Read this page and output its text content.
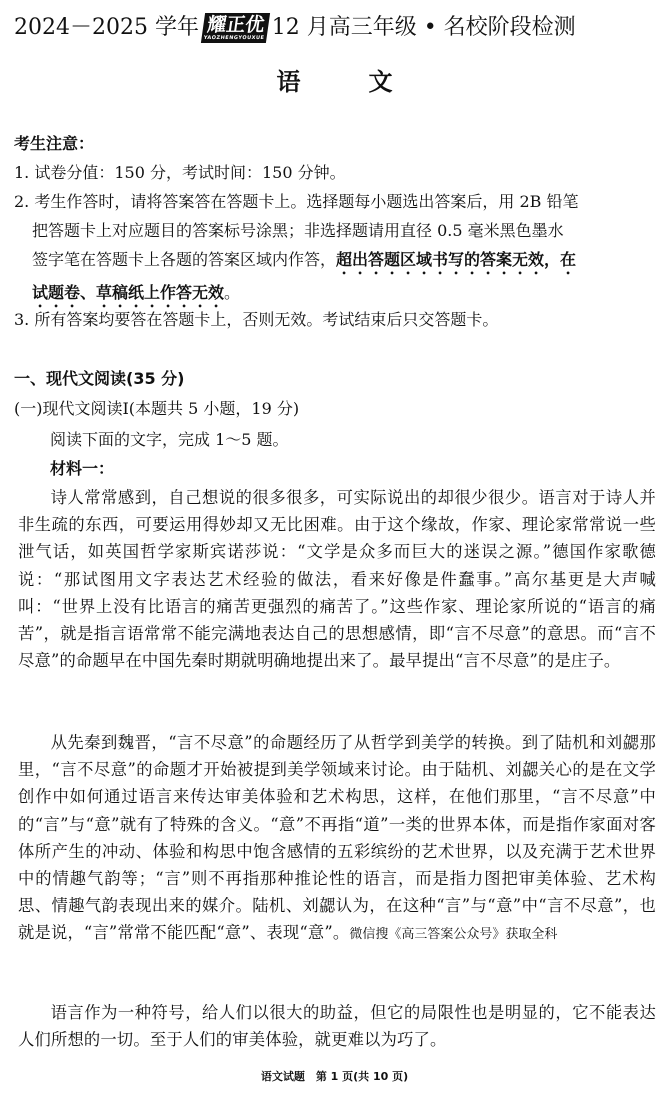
2024－2025 学年 耀正优
YAOZHENGYOUXUE 12 月高三年级 • 名校阶段检测
语文
考生注意：
1. 试卷分值：150 分，考试时间：150 分钟。
2. 考生作答时，请将答案答在答题卡上。选择题每小题选出答案后，用 2B 铅笔
把答题卡上对应题目的答案标号涂黑；非选择题请用直径 0.5 毫米黑色墨水
签字笔在答题卡上各题的答案区域内作答，超出答题区域书写的答案无效，在
试题卷、草稿纸上作答无效。
3. 所有答案均要答在答题卡上，否则无效。考试结束后只交答题卡。
一、现代文阅读(35 分)
(一)现代文阅读Ⅰ(本题共 5 小题，19 分)
阅读下面的文字，完成 1～5 题。
材料一：
诗人常常感到，自己想说的很多很多，可实际说出的却很少很少。语言对于诗人并非生疏的东西，可要运用得妙却又无比困难。由于这个缘故，作家、理论家常常说一些泄气话，如英国哲学家斯宾诺莎说：“文学是众多而巨大的迷误之源。”德国作家歌德说：“那试图用文字表达艺术经验的做法，看来好像是件蠢事。”高尔基更是大声喊叫：“世界上没有比语言的痛苦更强烈的痛苦了。”这些作家、理论家所说的“语言的痛苦”，就是指言语常常不能完满地表达自己的思想感情，即“言不尽意”的意思。而“言不尽意”的命题早在中国先秦时期就明确地提出来了。最早提出“言不尽意”的是庄子。
从先秦到魏晋，“言不尽意”的命题经历了从哲学到美学的转换。到了陆机和刘勰那里，“言不尽意”的命题才开始被提到美学领域来讨论。由于陆机、刘勰关心的是在文学创作中如何通过语言来传达审美体验和艺术构思，这样，在他们那里，“言不尽意”中的“言”与“意”就有了特殊的含义。“意”不再指“道”一类的世界本体，而是指作家面对客体所产生的冲动、体验和构思中饱含感情的五彩缤纷的艺术世界，以及充满于艺术世界中的情趣气韵等；“言”则不再指那种推论性的语言，而是指力图把审美体验、艺术构思、情趣气韵表现出来的媒介。陆机、刘勰认为，在这种“言”与“意”中“言不尽意”，也就是说，“言”常常不能匹配“意”、表现“意”。微信搜《高三答案公众号》获取全科
语言作为一种符号，给人们以很大的助益，但它的局限性也是明显的，它不能表达人们所想的一切。至于人们的审美体验，就更难以为巧了。
语文试题　第 1 页(共 10 页)
